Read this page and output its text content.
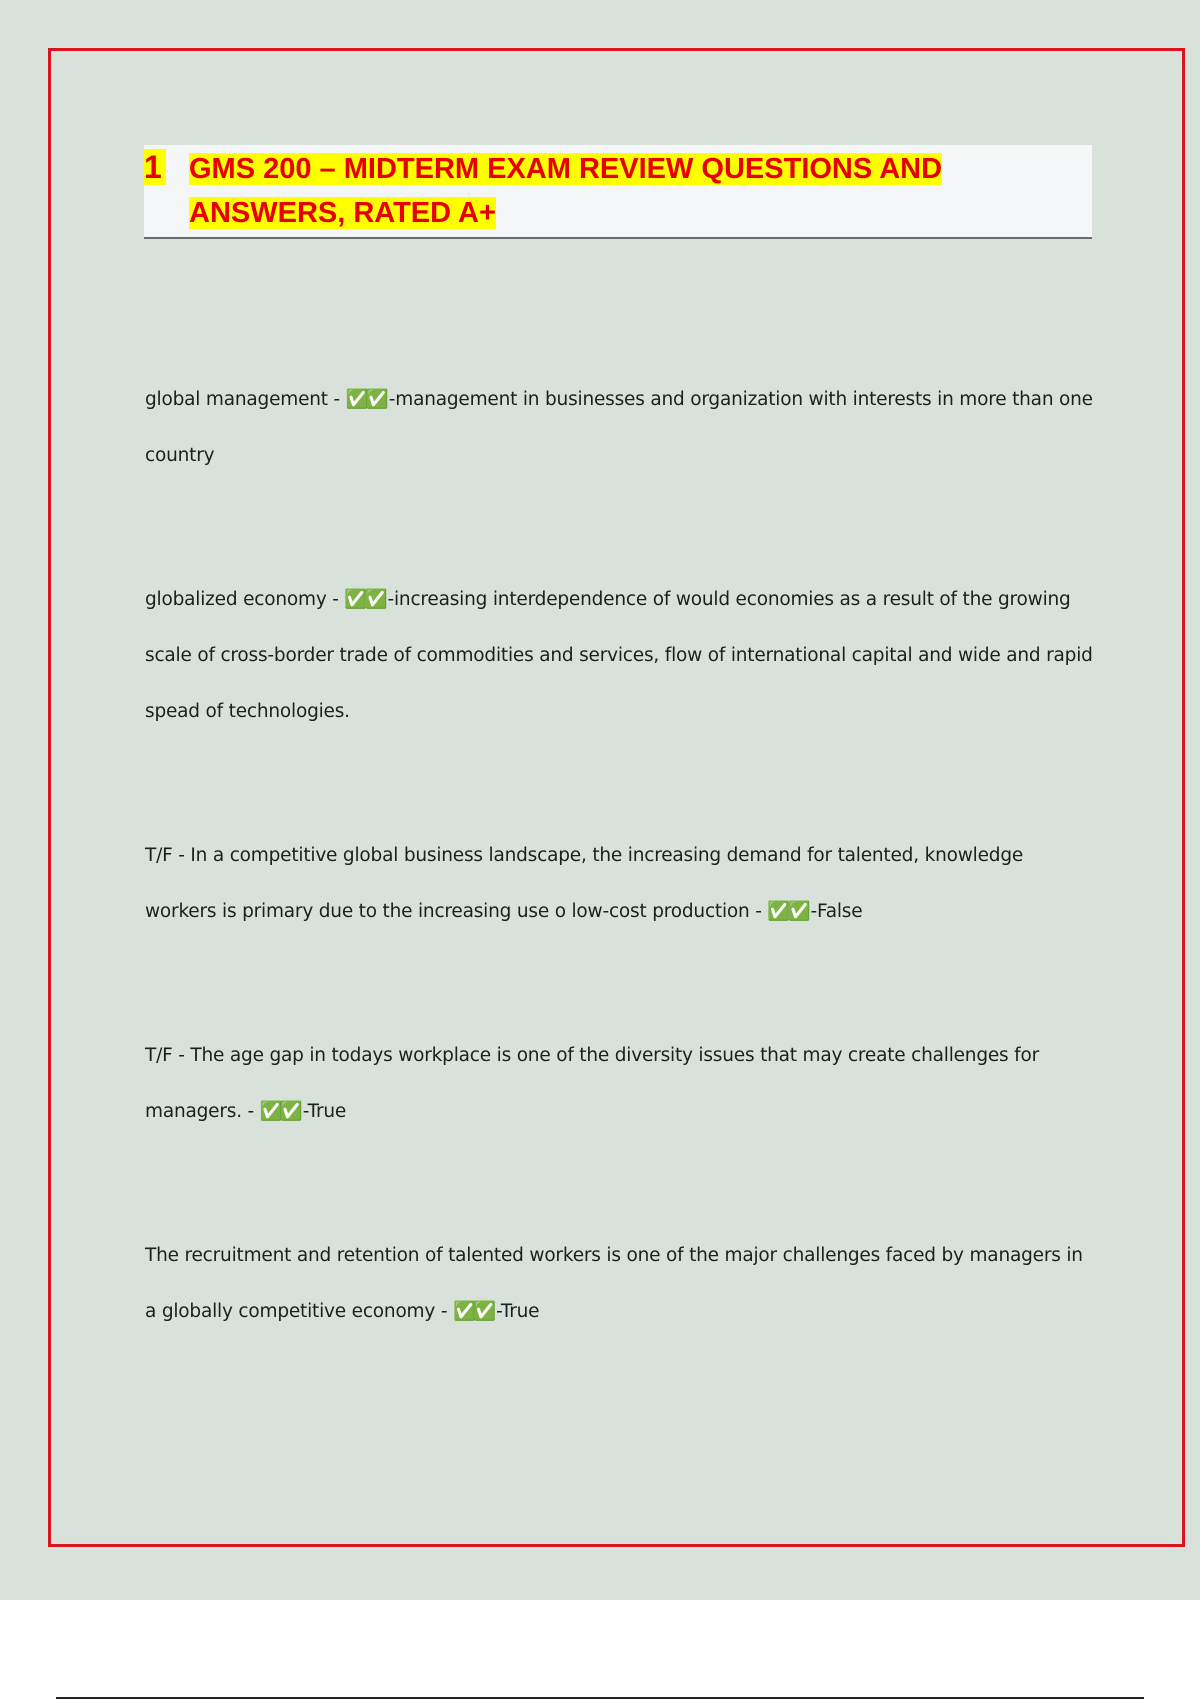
1 GMS 200 – MIDTERM EXAM REVIEW QUESTIONS AND ANSWERS, RATED A+

global management - ✅✅ -management in businesses and organization with interests in more than one country

globalized economy - ✅✅ -increasing interdependence of would economies as a result of the growing scale of cross-border trade of commodities and services, flow of international capital and wide and rapid spead of technologies.

T/F - In a competitive global business landscape, the increasing demand for talented, knowledge workers is primary due to the increasing use o low-cost production - ✅✅ -False

T/F - The age gap in todays workplace is one of the diversity issues that may create challenges for managers. - ✅✅ -True

The recruitment and retention of talented workers is one of the major challenges faced by managers in a globally competitive economy - ✅✅ -True
